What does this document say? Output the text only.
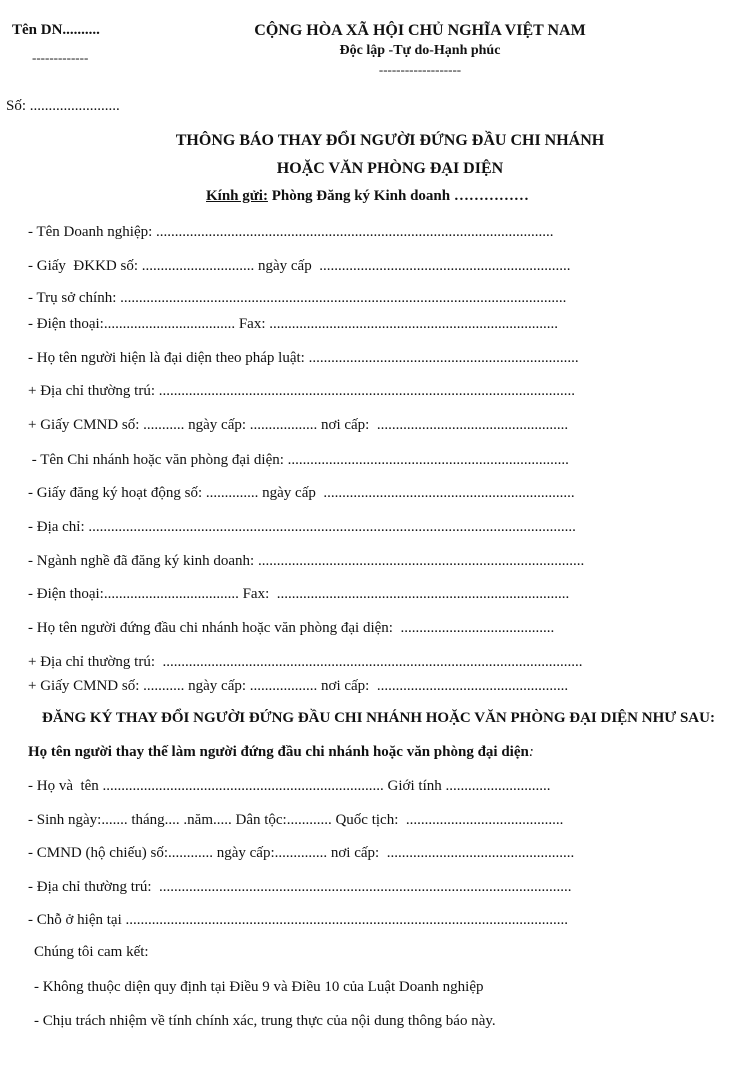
Tên DN..........
-------------
CỘNG HÒA XÃ HỘI CHỦ NGHĨA VIỆT NAM
Độc lập -Tự do-Hạnh phúc
-------------------
Số: ........................
THÔNG BÁO THAY ĐỔI NGƯỜI ĐỨNG ĐẦU CHI NHÁNH
HOẶC VĂN PHÒNG ĐẠI DIỆN
Kính gửi: Phòng Đăng ký Kinh doanh ……………
- Tên Doanh nghiệp: ..........................................................................................................
- Giấy  ĐKKD số: .............................. ngày cấp  ...................................................................
- Trụ sở chính: .......................................................................................................................
- Điện thoại:................................... Fax: .............................................................................
- Họ tên người hiện là đại diện theo pháp luật: ........................................................................
+ Địa chỉ thường trú: ...............................................................................................................
+ Giấy CMND số: ........... ngày cấp: .................. nơi cấp:  ...................................................
- Tên Chi nhánh hoặc văn phòng đại diện: ...........................................................................
- Giấy đăng ký hoạt động số: .............. ngày cấp  ...................................................................
- Địa chỉ: ..................................................................................................................................
- Ngành nghề đã đăng ký kinh doanh: .......................................................................................
- Điện thoại:.................................... Fax:  ..............................................................................
- Họ tên người đứng đầu chi nhánh hoặc văn phòng đại diện:  .........................................
+ Địa chỉ thường trú:  ................................................................................................................
+ Giấy CMND số: ........... ngày cấp: .................. nơi cấp:  ...................................................
ĐĂNG KÝ THAY ĐỔI NGƯỜI ĐỨNG ĐẦU CHI NHÁNH HOẶC VĂN PHÒNG ĐẠI DIỆN NHƯ SAU:
Họ tên người thay thế làm người đứng đầu chi nhánh hoặc văn phòng đại diện:
- Họ và  tên ........................................................................... Giới tính ............................
- Sinh ngày:....... tháng.... .năm..... Dân tộc:............ Quốc tịch:  ..........................................
- CMND (hộ chiếu) số:............ ngày cấp:.............. nơi cấp:  ..................................................
- Địa chỉ thường trú:  ..............................................................................................................
- Chỗ ở hiện tại ......................................................................................................................
Chúng tôi cam kết:
- Không thuộc diện quy định tại Điều 9 và Điều 10 của Luật Doanh nghiệp
- Chịu trách nhiệm về tính chính xác, trung thực của nội dung thông báo này.
